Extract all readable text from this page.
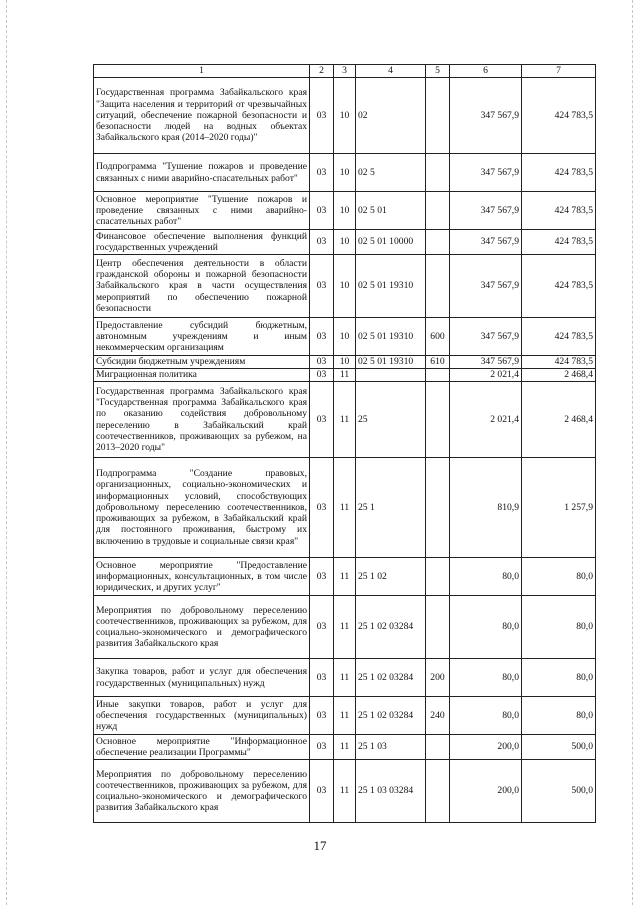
1	2	3	4	5	6	7
Государственная программа Забайкальского края "Защита населения и территорий от чрезвычайных ситуаций, обеспечение пожарной безопасности и безопасности людей на водных объектах Забайкальского края (2014–2020 годы)"	03	10	02		347 567,9	424 783,5
Подпрограмма "Тушение пожаров и проведение связанных с ними аварийно-спасательных работ"	03	10	02 5		347 567,9	424 783,5
Основное мероприятие "Тушение пожаров и проведение связанных с ними аварийно-спасательных работ"	03	10	02 5 01		347 567,9	424 783,5
Финансовое обеспечение выполнения функций государственных учреждений	03	10	02 5 01 10000		347 567,9	424 783,5
Центр обеспечения деятельности в области гражданской обороны и пожарной безопасности Забайкальского края в части осуществления мероприятий по обеспечению пожарной безопасности	03	10	02 5 01 19310		347 567,9	424 783,5
Предоставление субсидий бюджетным, автономным учреждениям и иным некоммерческим организациям	03	10	02 5 01 19310	600	347 567,9	424 783,5
Субсидии бюджетным учреждениям	03	10	02 5 01 19310	610	347 567,9	424 783,5
Миграционная политика	03	11			2 021,4	2 468,4
Государственная программа Забайкальского края "Государственная программа Забайкальского края по оказанию содействия добровольному переселению в Забайкальский край соотечественников, проживающих за рубежом, на 2013–2020 годы"	03	11	25		2 021,4	2 468,4
Подпрограмма "Создание правовых, организационных, социально-экономических и информационных условий, способствующих добровольному переселению соотечественников, проживающих за рубежом, в Забайкальский край для постоянного проживания, быстрому их включению в трудовые и социальные связи края"	03	11	25 1		810,9	1 257,9
Основное мероприятие "Предоставление информационных, консультационных, в том числе юридических, и других услуг"	03	11	25 1 02		80,0	80,0
Мероприятия по добровольному переселению соотечественников, проживающих за рубежом, для социально-экономического и демографического развития Забайкальского края	03	11	25 1 02 03284		80,0	80,0
Закупка товаров, работ и услуг для обеспечения государственных (муниципальных) нужд	03	11	25 1 02 03284	200	80,0	80,0
Иные закупки товаров, работ и услуг для обеспечения государственных (муниципальных) нужд	03	11	25 1 02 03284	240	80,0	80,0
Основное мероприятие "Информационное обеспечение реализации Программы"	03	11	25 1 03		200,0	500,0
Мероприятия по добровольному переселению соотечественников, проживающих за рубежом, для социально-экономического и демографического развития Забайкальского края	03	11	25 1 03 03284		200,0	500,0
17
